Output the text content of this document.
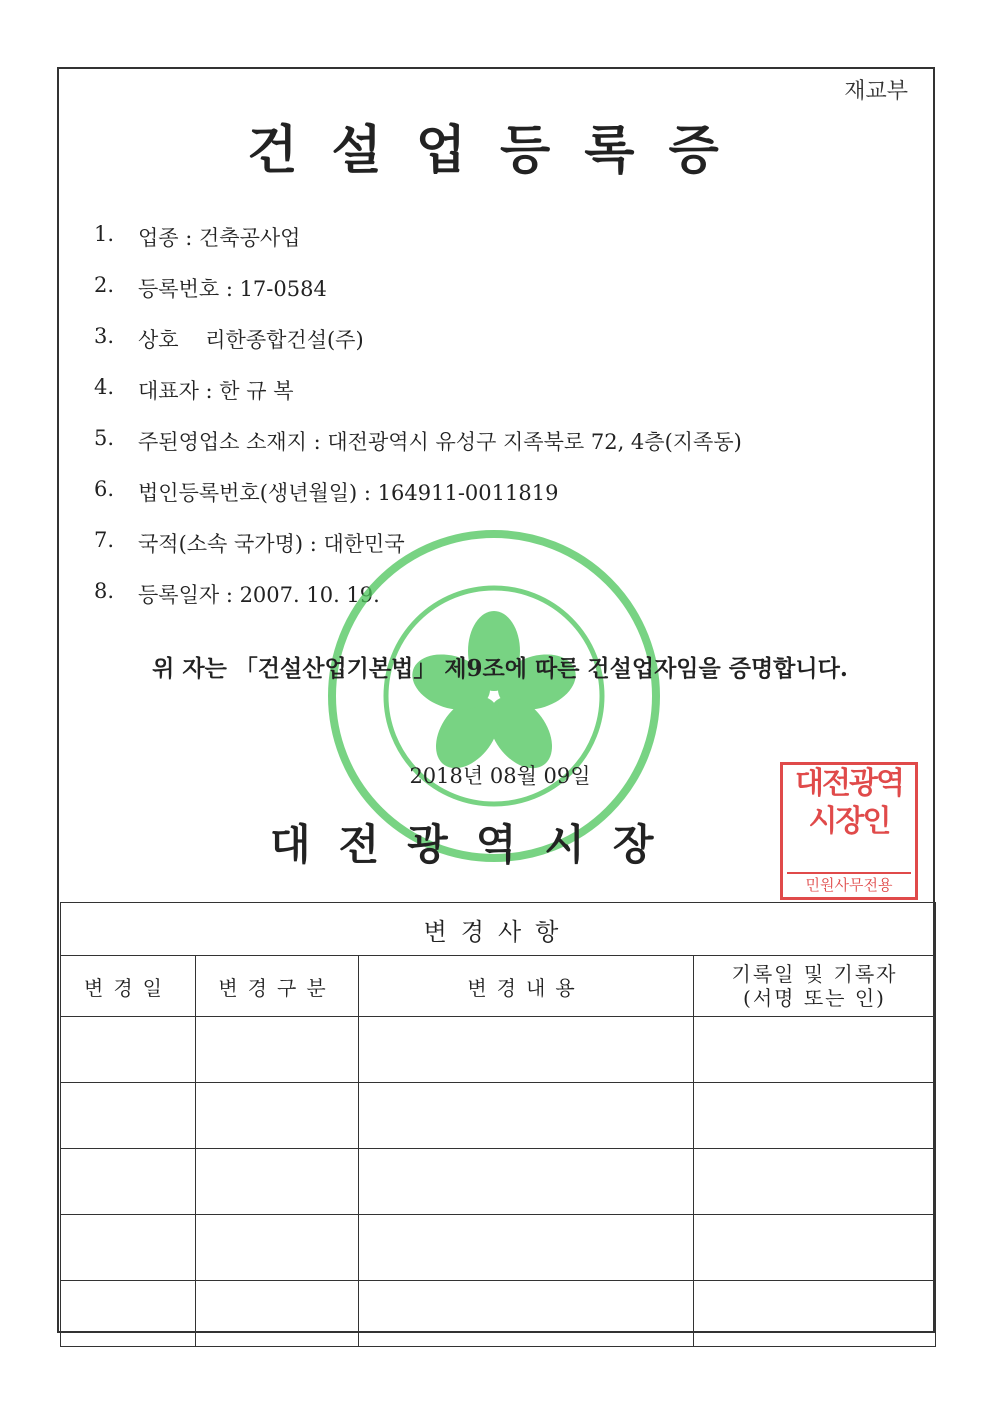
재교부
건설업등록증
1.	업종 : 건축공사업
2.	등록번호 : 17-0584
3.	상호    리한종합건설(주)
4.	대표자 : 한 규 복
5.	주된영업소 소재지 : 대전광역시 유성구 지족북로 72, 4층(지족동)
6.	법인등록번호(생년월일) : 164911-0011819
7.	국적(소속 국가명) : 대한민국
8.	등록일자 : 2007. 10. 19.
위 자는 「건설산업기본법」 제9조에 따른 건설업자임을 증명합니다.
2018년 08월 09일
대전광역시장
대전광역
시장인
민원사무전용
변경사항			
변경일	변경구분	변경내용	기록일 및 기록자
(서명 또는 인)
